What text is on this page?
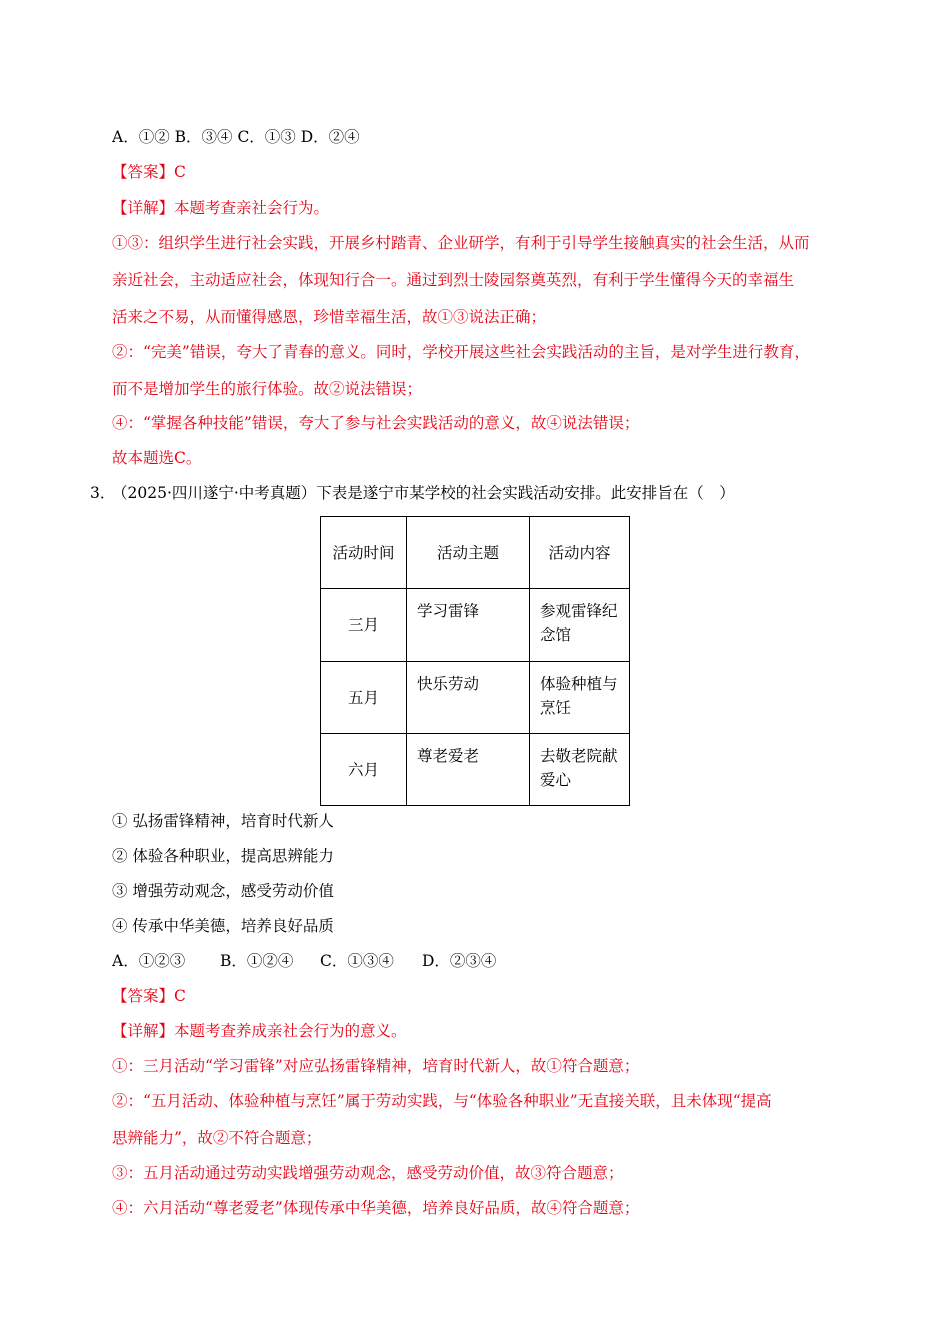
A．①② B．③④ C．①③ D．②④
【答案】C
【详解】本题考查亲社会行为。
①③：组织学生进行社会实践，开展乡村踏青、企业研学，有利于引导学生接触真实的社会生活，从而
亲近社会，主动适应社会，体现知行合一。通过到烈士陵园祭奠英烈，有利于学生懂得今天的幸福生
活来之不易，从而懂得感恩，珍惜幸福生活，故①③说法正确；
②：“完美”错误，夸大了青春的意义。同时，学校开展这些社会实践活动的主旨，是对学生进行教育，
而不是增加学生的旅行体验。故②说法错误；
④：“掌握各种技能”错误，夸大了参与社会实践活动的意义，故④说法错误；
故本题选C。
3．
（2025·四川遂宁·中考真题）下表是遂宁市某学校的社会实践活动安排。此安排旨在（　）
活动时间	活动主题	活动内容
三月	学习雷锋	参观雷锋纪念馆
五月	快乐劳动	体验种植与烹饪
六月	尊老爱老	去敬老院献爱心
① 弘扬雷锋精神，培育时代新人
② 体验各种职业，提高思辨能力
③ 增强劳动观念，感受劳动价值
④ 传承中华美德，培养良好品质
A．①②③ B．①②④ C．①③④ D．②③④
【答案】C
【详解】本题考查养成亲社会行为的意义。
①：三月活动“学习雷锋”对应弘扬雷锋精神，培育时代新人，故①符合题意；
②：“五月活动、体验种植与烹饪”属于劳动实践，与“体验各种职业”无直接关联，且未体现“提高
思辨能力”，故②不符合题意；
③：五月活动通过劳动实践增强劳动观念，感受劳动价值，故③符合题意；
④：六月活动“尊老爱老”体现传承中华美德，培养良好品质，故④符合题意；
